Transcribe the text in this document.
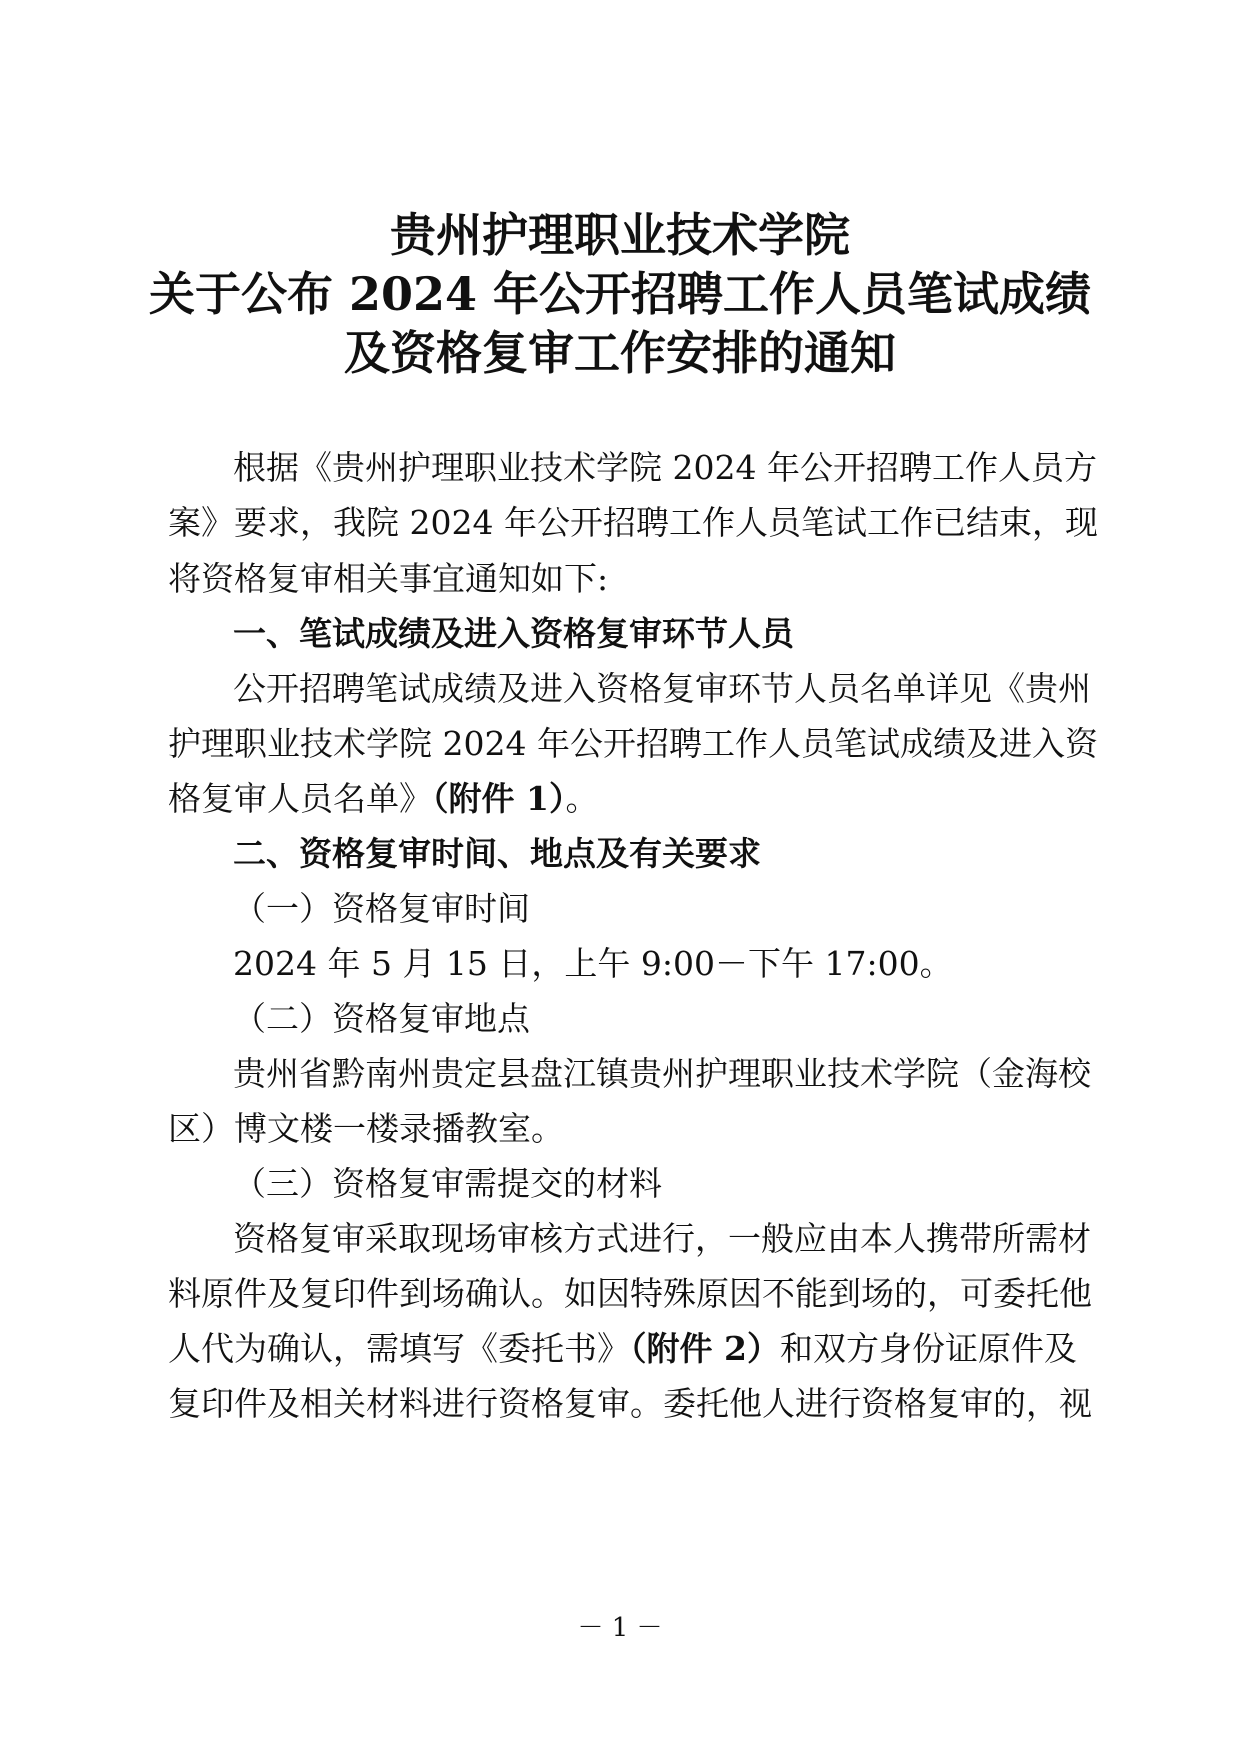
贵州护理职业技术学院
关于公布 2024 年公开招聘工作人员笔试成绩
及资格复审工作安排的通知
根据《贵州护理职业技术学院 2024 年公开招聘工作人员方
案》要求，我院 2024 年公开招聘工作人员笔试工作已结束，现
将资格复审相关事宜通知如下:
一、笔试成绩及进入资格复审环节人员
公开招聘笔试成绩及进入资格复审环节人员名单详见《贵州
护理职业技术学院 2024 年公开招聘工作人员笔试成绩及进入资
格复审人员名单》（附件 1）。
二、资格复审时间、地点及有关要求
（一）资格复审时间
2024 年 5 月 15 日，上午 9:00－下午 17:00。
（二）资格复审地点
贵州省黔南州贵定县盘江镇贵州护理职业技术学院（金海校
区）博文楼一楼录播教室。
（三）资格复审需提交的材料
资格复审采取现场审核方式进行，一般应由本人携带所需材
料原件及复印件到场确认。如因特殊原因不能到场的，可委托他
人代为确认，需填写《委托书》（附件 2）和双方身份证原件及
复印件及相关材料进行资格复审。委托他人进行资格复审的，视
－ 1 －
